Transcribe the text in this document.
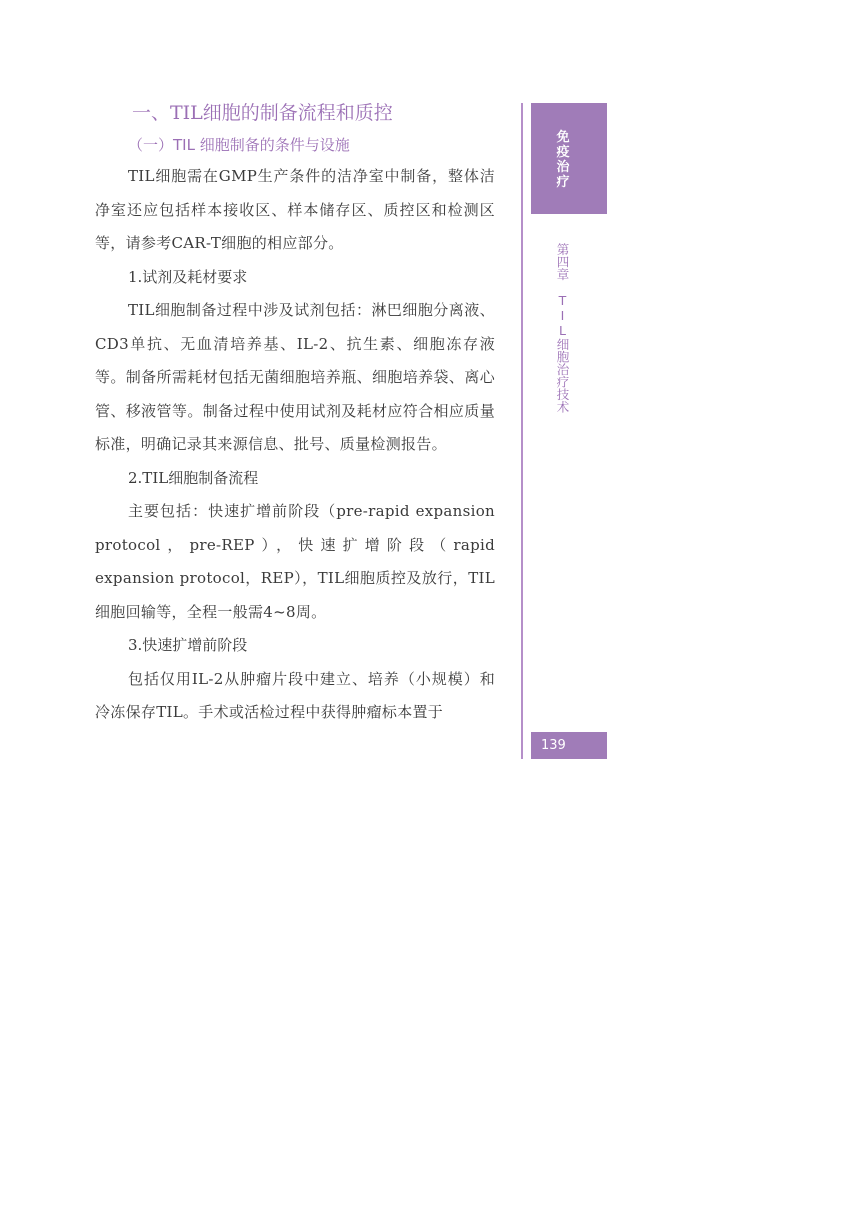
一、TIL细胞的制备流程和质控
（一）TIL 细胞制备的条件与设施

TIL细胞需在GMP生产条件的洁净室中制备，整体洁净室还应包括样本接收区、样本储存区、质控区和检测区等，请参考CAR-T细胞的相应部分。

1.试剂及耗材要求

TIL细胞制备过程中涉及试剂包括：淋巴细胞分离液、CD3单抗、无血清培养基、IL-2、抗生素、细胞冻存液等。制备所需耗材包括无菌细胞培养瓶、细胞培养袋、离心管、移液管等。制备过程中使用试剂及耗材应符合相应质量标准，明确记录其来源信息、批号、质量检测报告。

2.TIL细胞制备流程

主要包括：快速扩增前阶段（pre-rapid expansion protocol，pre-REP），快速扩增阶段（rapid expansion protocol，REP），TIL细胞质控及放行，TIL细胞回输等，全程一般需4~8周。

3.快速扩增前阶段

包括仅用IL-2从肿瘤片段中建立、培养（小规模）和冷冻保存TIL。手术或活检过程中获得肿瘤标本置于

免疫治疗
第四章　TIL细胞治疗技术
139
